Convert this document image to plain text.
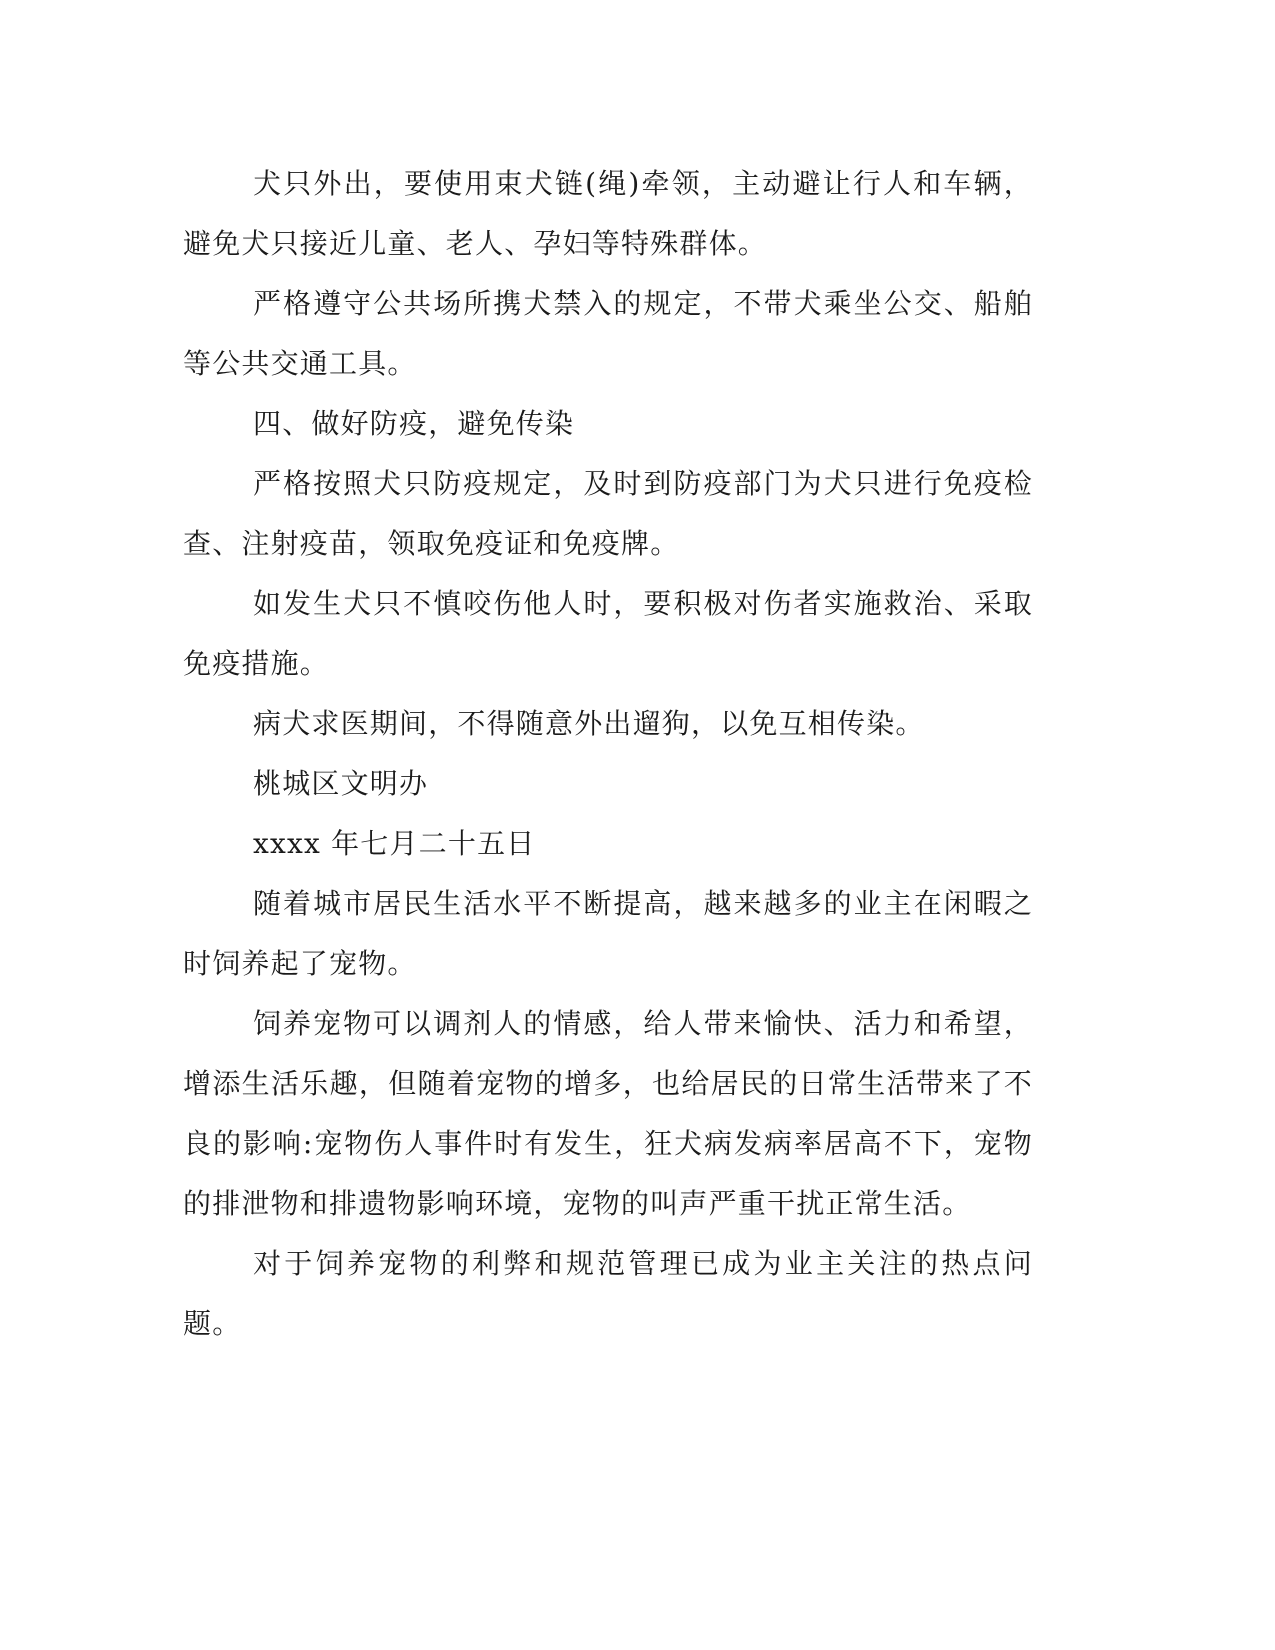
犬只外出，要使用束犬链(绳)牵领，主动避让行人和车辆，避免犬只接近儿童、老人、孕妇等特殊群体。

严格遵守公共场所携犬禁入的规定，不带犬乘坐公交、船舶等公共交通工具。

四、做好防疫，避免传染

严格按照犬只防疫规定，及时到防疫部门为犬只进行免疫检查、注射疫苗，领取免疫证和免疫牌。

如发生犬只不慎咬伤他人时，要积极对伤者实施救治、采取免疫措施。

病犬求医期间，不得随意外出遛狗，以免互相传染。

桃城区文明办

xxxx 年七月二十五日

随着城市居民生活水平不断提高，越来越多的业主在闲暇之时饲养起了宠物。

饲养宠物可以调剂人的情感，给人带来愉快、活力和希望，增添生活乐趣，但随着宠物的增多，也给居民的日常生活带来了不良的影响:宠物伤人事件时有发生，狂犬病发病率居高不下，宠物的排泄物和排遗物影响环境，宠物的叫声严重干扰正常生活。

对于饲养宠物的利弊和规范管理已成为业主关注的热点问题。
